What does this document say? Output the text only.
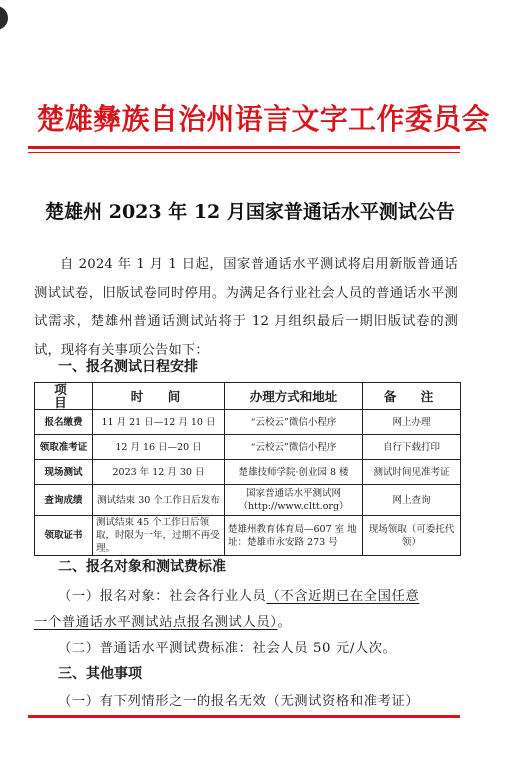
楚雄彝族自治州语言文字工作委员会
楚雄州 2023 年 12 月国家普通话水平测试公告
自 2024 年 1 月 1 日起，国家普通话水平测试将启用新版普通话测试试卷，旧版试卷同时停用。为满足各行业社会人员的普通话水平测试需求，楚雄州普通话测试站将于 12 月组织最后一期旧版试卷的测试，现将有关事项公告如下：
一、报名测试日程安排
项　目	时　间	办理方式和地址	备　注
报名缴费	11 月 21 日—12 月 10 日	“云校云”微信小程序	网上办理
领取准考证	12 月 16 日—20 日	“云校云”微信小程序	自行下载打印
现场测试	2023 年 12 月 30 日	楚雄技师学院·创业园 8 楼	测试时间见准考证
查询成绩	测试结束 30 个工作日后发布	国家普通话水平测试网（http://www.cltt.org）	网上查询
领取证书	测试结束 45 个工作日后领取，时限为一年，过期不再受理。	楚雄州教育体育局—607 室 地址：楚雄市永安路 273 号	现场领取（可委托代领）
二、报名对象和测试费标准
（一）报名对象：社会各行业人员（不含近期已在全国任意
一个普通话水平测试站点报名测试人员）。
（二）普通话水平测试费标准：社会人员 50 元/人次。
三、其他事项
（一）有下列情形之一的报名无效（无测试资格和准考证）
